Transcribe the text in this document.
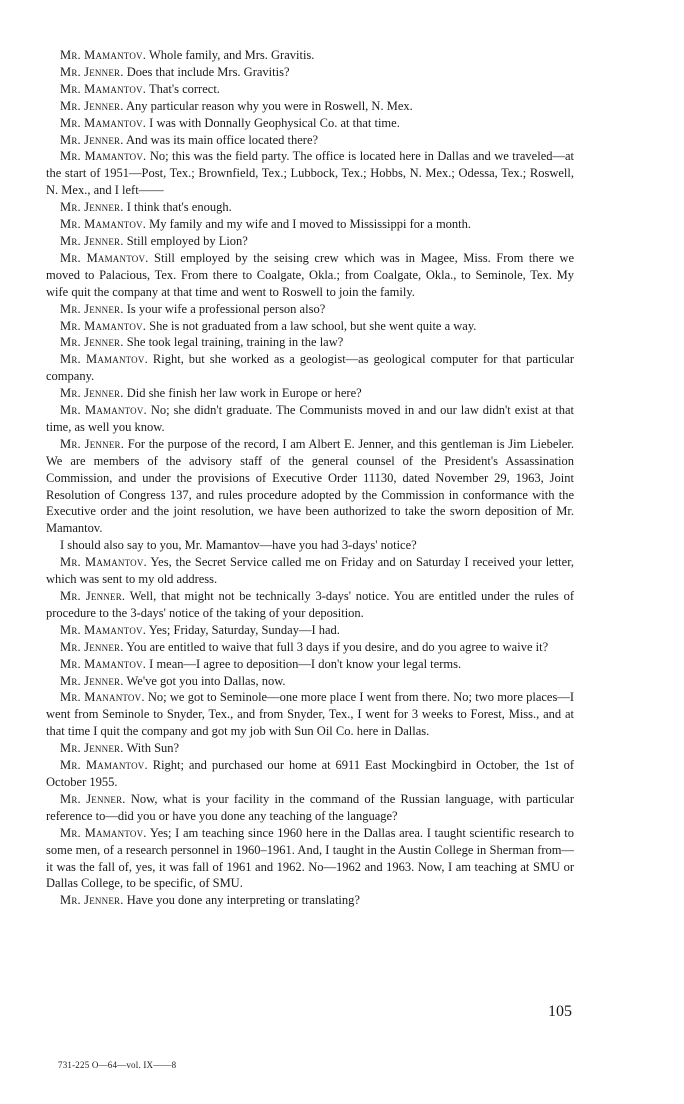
Mr. Mamantov. Whole family, and Mrs. Gravitis.

Mr. Jenner. Does that include Mrs. Gravitis?

Mr. Mamantov. That's correct.

Mr. Jenner. Any particular reason why you were in Roswell, N. Mex.

Mr. Mamantov. I was with Donnally Geophysical Co. at that time.

Mr. Jenner. And was its main office located there?

Mr. Mamantov. No; this was the field party. The office is located here in Dallas and we traveled—at the start of 1951—Post, Tex.; Brownfield, Tex.; Lubbock, Tex.; Hobbs, N. Mex.; Odessa, Tex.; Roswell, N. Mex., and I left——

Mr. Jenner. I think that's enough.

Mr. Mamantov. My family and my wife and I moved to Mississippi for a month.

Mr. Jenner. Still employed by Lion?

Mr. Mamantov. Still employed by the seising crew which was in Magee, Miss. From there we moved to Palacious, Tex. From there to Coalgate, Okla.; from Coalgate, Okla., to Seminole, Tex. My wife quit the company at that time and went to Roswell to join the family.

Mr. Jenner. Is your wife a professional person also?

Mr. Mamantov. She is not graduated from a law school, but she went quite a way.

Mr. Jenner. She took legal training, training in the law?

Mr. Mamantov. Right, but she worked as a geologist—as geological computer for that particular company.

Mr. Jenner. Did she finish her law work in Europe or here?

Mr. Mamantov. No; she didn't graduate. The Communists moved in and our law didn't exist at that time, as well you know.

Mr. Jenner. For the purpose of the record, I am Albert E. Jenner, and this gentleman is Jim Liebeler. We are members of the advisory staff of the general counsel of the President's Assassination Commission, and under the provisions of Executive Order 11130, dated November 29, 1963, Joint Resolution of Congress 137, and rules procedure adopted by the Commission in conformance with the Executive order and the joint resolution, we have been authorized to take the sworn deposition of Mr. Mamantov.

I should also say to you, Mr. Mamantov—have you had 3-days' notice?

Mr. Mamantov. Yes, the Secret Service called me on Friday and on Saturday I received your letter, which was sent to my old address.

Mr. Jenner. Well, that might not be technically 3-days' notice. You are entitled under the rules of procedure to the 3-days' notice of the taking of your deposition.

Mr. Mamantov. Yes; Friday, Saturday, Sunday—I had.

Mr. Jenner. You are entitled to waive that full 3 days if you desire, and do you agree to waive it?

Mr. Mamantov. I mean—I agree to deposition—I don't know your legal terms.

Mr. Jenner. We've got you into Dallas, now.

Mr. Manantov. No; we got to Seminole—one more place I went from there. No; two more places—I went from Seminole to Snyder, Tex., and from Snyder, Tex., I went for 3 weeks to Forest, Miss., and at that time I quit the company and got my job with Sun Oil Co. here in Dallas.

Mr. Jenner. With Sun?

Mr. Mamantov. Right; and purchased our home at 6911 East Mockingbird in October, the 1st of October 1955.

Mr. Jenner. Now, what is your facility in the command of the Russian language, with particular reference to—did you or have you done any teaching of the language?

Mr. Mamantov. Yes; I am teaching since 1960 here in the Dallas area. I taught scientific research to some men, of a research personnel in 1960–1961. And, I taught in the Austin College in Sherman from—it was the fall of, yes, it was fall of 1961 and 1962. No—1962 and 1963. Now, I am teaching at SMU or Dallas College, to be specific, of SMU.

Mr. Jenner. Have you done any interpreting or translating?

105
731-225 O—64—vol. IX——8
